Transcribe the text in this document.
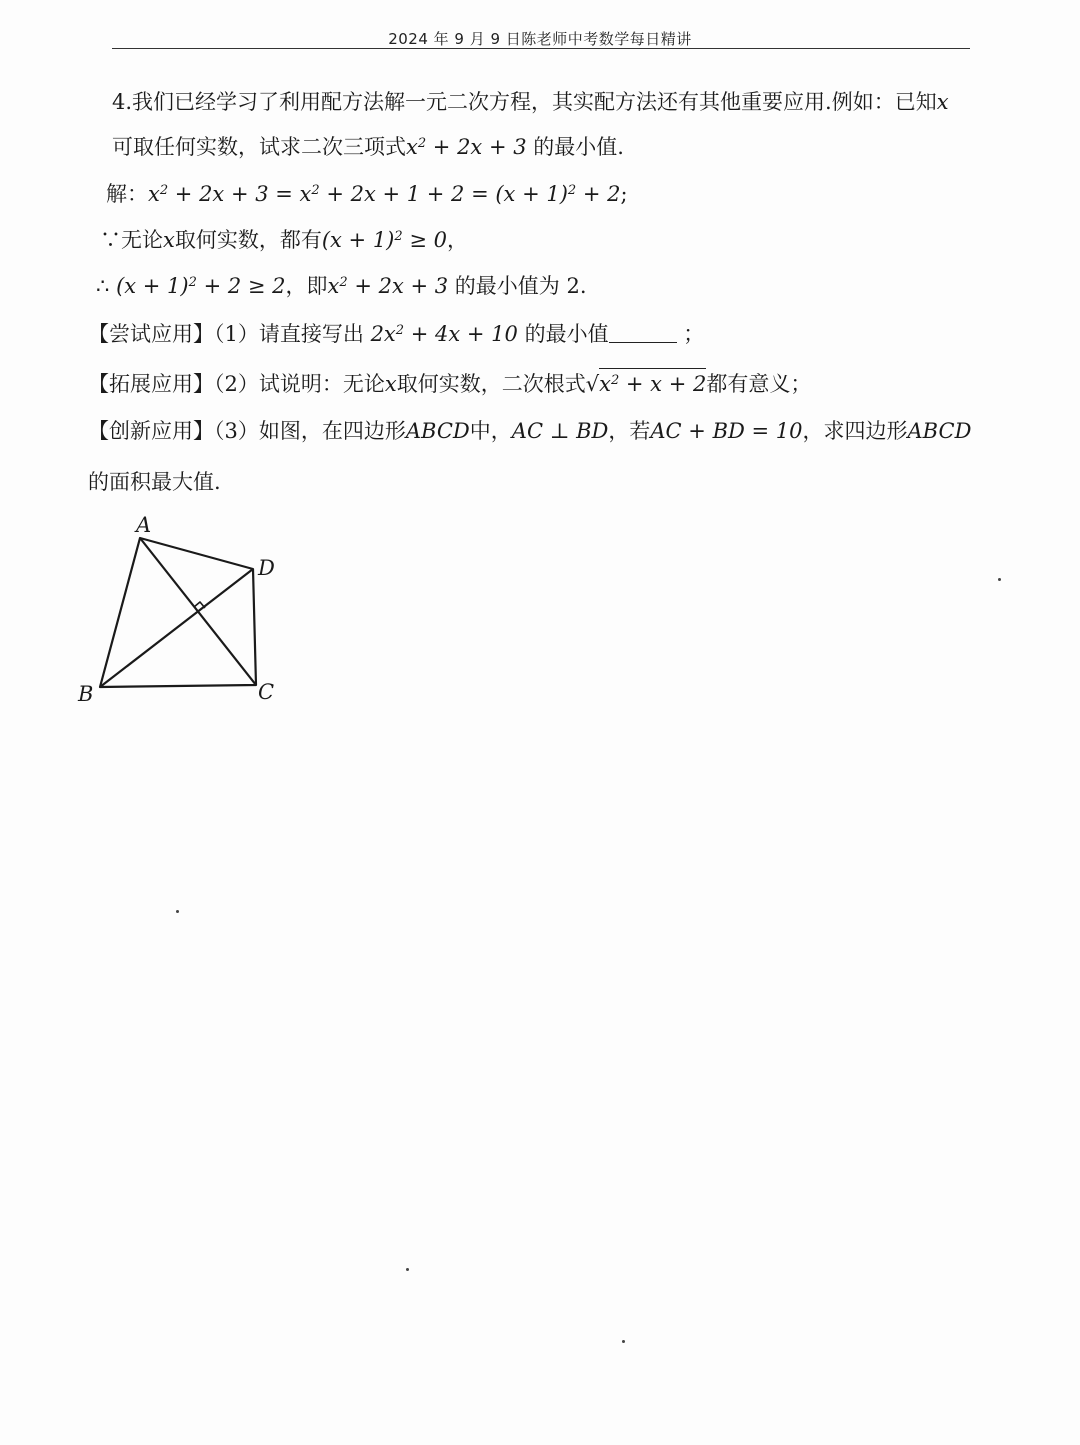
2024 年 9 月 9 日陈老师中考数学每日精讲
4.我们已经学习了利用配方法解一元二次方程，其实配方法还有其他重要应用.例如：已知x
可取任何实数，试求二次三项式$x^2 + 2x + 3$ 的最小值.
解：$x^2 + 2x + 3 = x^2 + 2x + 1 + 2 = (x + 1)^2 + 2$;
∵无论x取何实数，都有$(x + 1)^2 \ge 0$，
∴ $(x + 1)^2 + 2 \ge 2$，即$x^2 + 2x + 3$ 的最小值为 2.
【尝试应用】（1）请直接写出 $2x^2 + 4x + 10$ 的最小值	；
【拓展应用】（2）试说明：无论x取何实数，二次根式$√x^2 + x + 2$都有意义；
【创新应用】（3）如图，在四边形ABCD中，AC ⊥ BD，若AC + BD = 10，求四边形ABCD
的面积最大值.
A
B	C
D
